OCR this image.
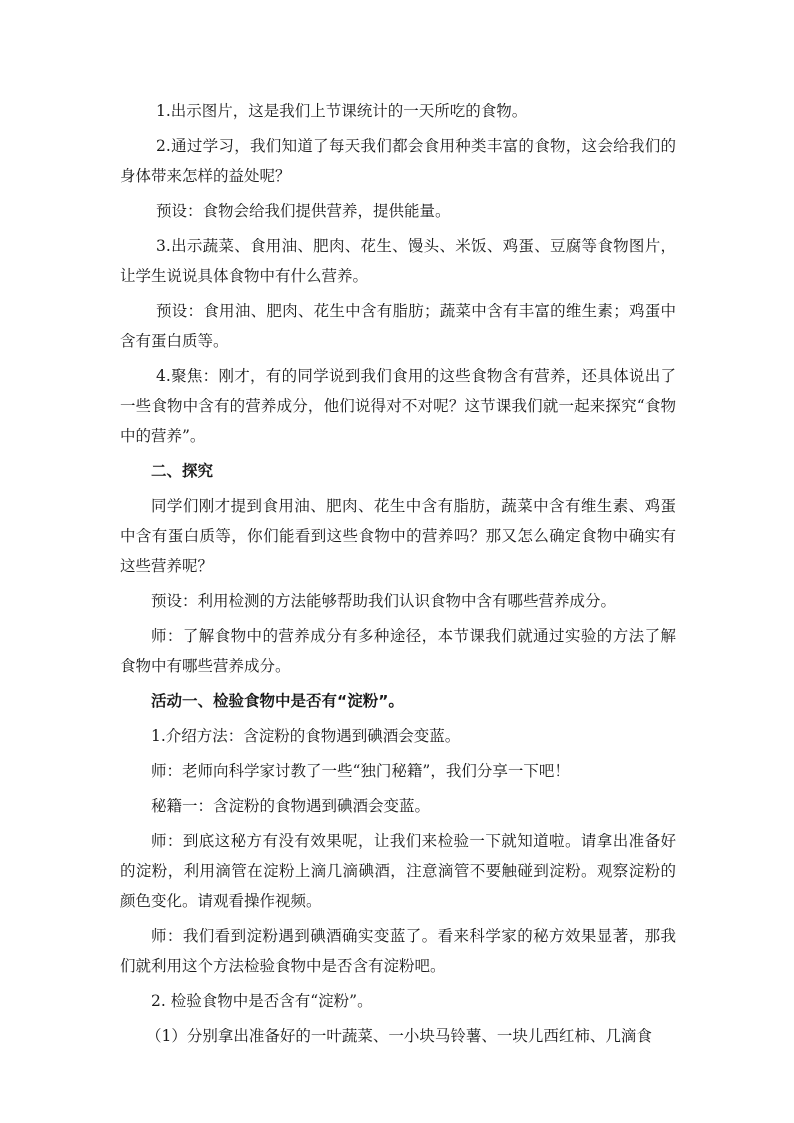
1.出示图片，这是我们上节课统计的一天所吃的食物。

2.通过学习，我们知道了每天我们都会食用种类丰富的食物，这会给我们的身体带来怎样的益处呢？

预设：食物会给我们提供营养，提供能量。

3.出示蔬菜、食用油、肥肉、花生、馒头、米饭、鸡蛋、豆腐等食物图片，让学生说说具体食物中有什么营养。

预设：食用油、肥肉、花生中含有脂肪；蔬菜中含有丰富的维生素；鸡蛋中含有蛋白质等。

4.聚焦：刚才，有的同学说到我们食用的这些食物含有营养，还具体说出了一些食物中含有的营养成分，他们说得对不对呢？这节课我们就一起来探究“食物中的营养”。

二、探究

同学们刚才提到食用油、肥肉、花生中含有脂肪，蔬菜中含有维生素、鸡蛋中含有蛋白质等，你们能看到这些食物中的营养吗？那又怎么确定食物中确实有这些营养呢？

预设：利用检测的方法能够帮助我们认识食物中含有哪些营养成分。

师：了解食物中的营养成分有多种途径，本节课我们就通过实验的方法了解食物中有哪些营养成分。

活动一、检验食物中是否有“淀粉”。

1.介绍方法：含淀粉的食物遇到碘酒会变蓝。

师：老师向科学家讨教了一些“独门秘籍”，我们分享一下吧！

秘籍一：含淀粉的食物遇到碘酒会变蓝。

师：到底这秘方有没有效果呢，让我们来检验一下就知道啦。请拿出准备好的淀粉，利用滴管在淀粉上滴几滴碘酒，注意滴管不要触碰到淀粉。观察淀粉的颜色变化。请观看操作视频。

师：我们看到淀粉遇到碘酒确实变蓝了。看来科学家的秘方效果显著，那我们就利用这个方法检验食物中是否含有淀粉吧。

2. 检验食物中是否含有“淀粉”。

（1）分别拿出准备好的一叶蔬菜、一小块马铃薯、一块儿西红柿、几滴食
